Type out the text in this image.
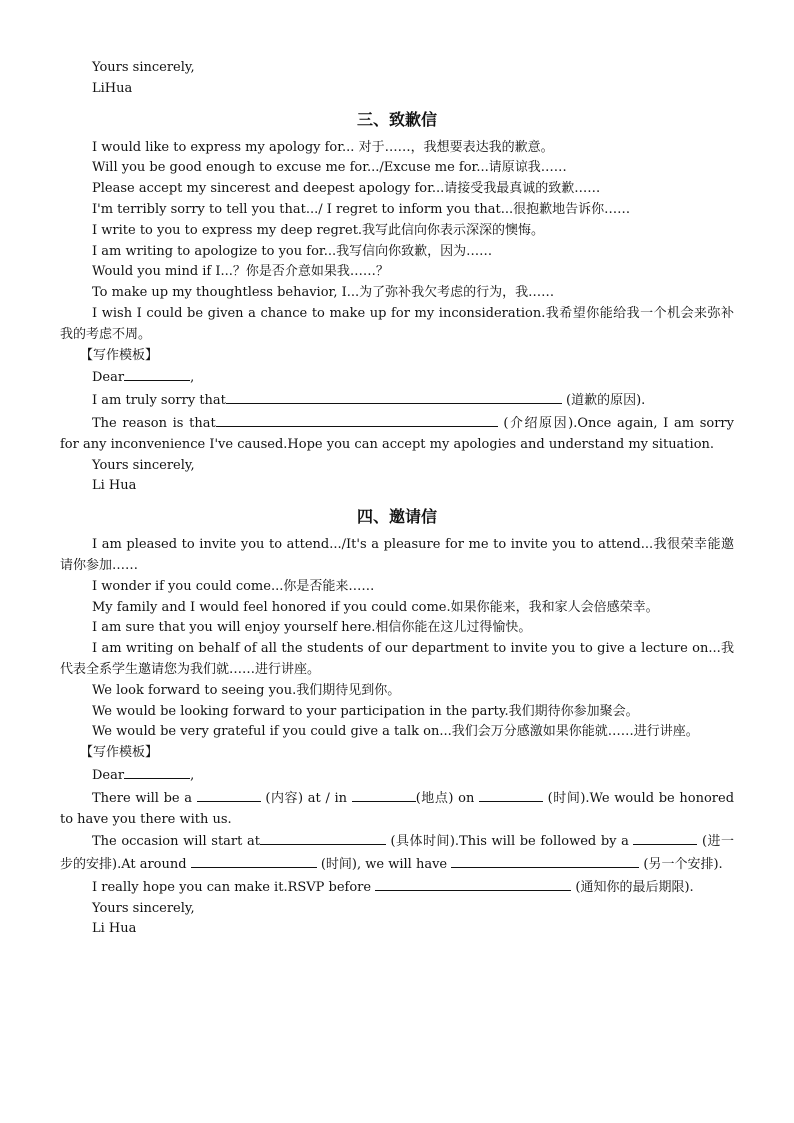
Yours sincerely,

LiHua

三、致歉信

I would like to express my apology for... 对于……，我想要表达我的歉意。

Will you be good enough to excuse me for.../Excuse me for...请原谅我……

Please accept my sincerest and deepest apology for...请接受我最真诚的致歉……

I'm terribly sorry to tell you that.../ I regret to inform you that...很抱歉地告诉你……

I write to you to express my deep regret.我写此信向你表示深深的懊悔。

I am writing to apologize to you for...我写信向你致歉，因为……

Would you mind if I...？你是否介意如果我……？

To make up my thoughtless behavior, I...为了弥补我欠考虑的行为，我……

I wish I could be given a chance to make up for my inconsideration.我希望你能给我一个机会来弥补我的考虑不周。

【写作模板】

Dear	,

I am truly sorry that	(道歉的原因).

The reason is that	(介绍原因).Once again, I am sorry for any inconvenience I've caused.Hope you can accept my apologies and understand my situation.

Yours sincerely,

Li Hua

四、邀请信

I am pleased to invite you to attend.../It's a pleasure for me to invite you to attend...我很荣幸能邀请你参加……

I wonder if you could come...你是否能来……

My family and I would feel honored if you could come.如果你能来，我和家人会倍感荣幸。

I am sure that you will enjoy yourself here.相信你能在这儿过得愉快。

I am writing on behalf of all the students of our department to invite you to give a lecture on...我代表全系学生邀请您为我们就……进行讲座。

We look forward to seeing you.我们期待见到你。

We would be looking forward to your participation in the party.我们期待你参加聚会。

We would be very grateful if you could give a talk on...我们会万分感激如果你能就……进行讲座。

【写作模板】

Dear	,

There will be a	(内容) at / in	(地点) on	(时间).We would be honored to have you there with us.

The occasion will start at	(具体时间).This will be followed by a	(进一步的安排).At around	(时间), we will have	(另一个安排).

I really hope you can make it.RSVP before	(通知你的最后期限).

Yours sincerely,

Li Hua
